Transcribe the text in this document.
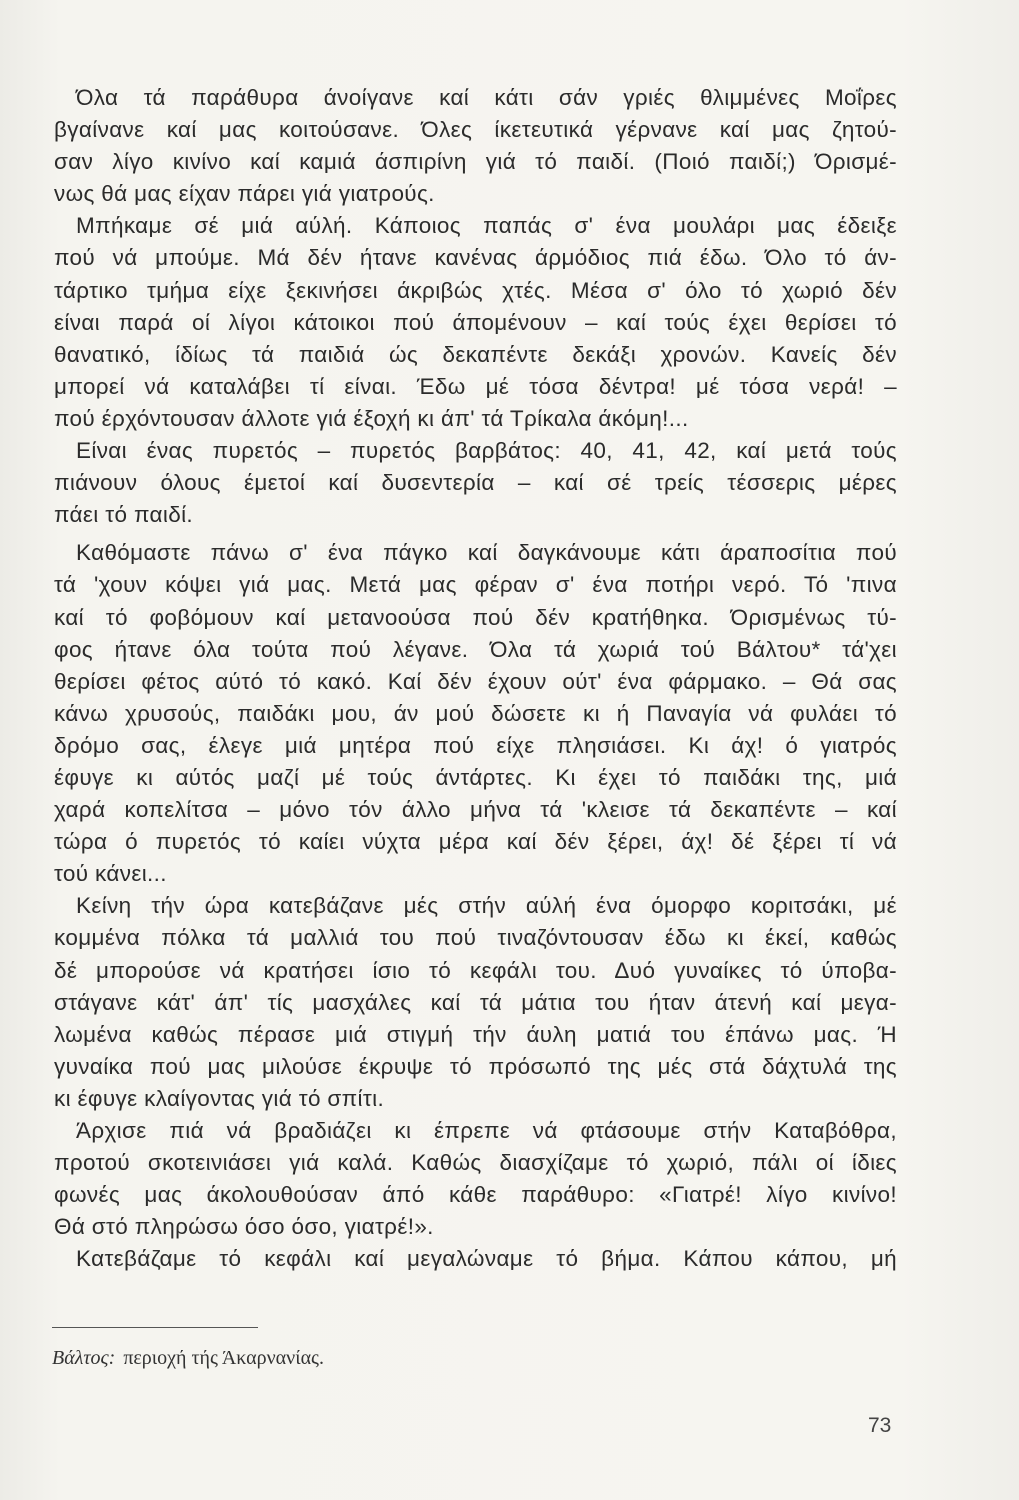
Όλα τά παράθυρα άνοίγανε καί κάτι σάν γριές θλιμμένες Μοΐρες
βγαίνανε καί μας κοιτούσανε. Όλες ίκετευτικά γέρνανε καί μας ζητού-
σαν λίγο κινίνο καί καμιά άσπιρίνη γιά τό παιδί. (Ποιό παιδί;) Όρισμέ-
νως θά μας είχαν πάρει γιά γιατρούς.
Μπήκαμε σέ μιά αύλή. Κάποιος παπάς σ' ένα μουλάρι μας έδειξε
πού νά μπούμε. Μά δέν ήτανε κανένας άρμόδιος πιά έδω. Όλο τό άν-
τάρτικο τμήμα είχε ξεκινήσει άκριβώς χτές. Μέσα σ' όλο τό χωριό δέν
είναι παρά οί λίγοι κάτοικοι πού άπομένουν – καί τούς έχει θερίσει τό
θανατικό, ίδίως τά παιδιά ώς δεκαπέντε δεκάξι χρονών. Κανείς δέν
μπορεί νά καταλάβει τί είναι. Έδω μέ τόσα δέντρα! μέ τόσα νερά! –
πού έρχόντουσαν άλλοτε γιά έξοχή κι άπ' τά Τρίκαλα άκόμη!...
Είναι ένας πυρετός – πυρετός βαρβάτος: 40, 41, 42, καί μετά τούς
πιάνουν όλους έμετοί καί δυσεντερία – καί σέ τρείς τέσσερις μέρες
πάει τό παιδί.
Καθόμαστε πάνω σ' ένα πάγκο καί δαγκάνουμε κάτι άραποσίτια πού
τά 'χουν κόψει γιά μας. Μετά μας φέραν σ' ένα ποτήρι νερό. Τό 'πινα
καί τό φοβόμουν καί μετανοούσα πού δέν κρατήθηκα. Όρισμένως τύ-
φος ήτανε όλα τούτα πού λέγανε. Όλα τά χωριά τού Βάλτου* τά'χει
θερίσει φέτος αύτό τό κακό. Καί δέν έχουν ούτ' ένα φάρμακο. – Θά σας
κάνω χρυσούς, παιδάκι μου, άν μού δώσετε κι ή Παναγία νά φυλάει τό
δρόμο σας, έλεγε μιά μητέρα πού είχε πλησιάσει. Κι άχ! ό γιατρός
έφυγε κι αύτός μαζί μέ τούς άντάρτες. Κι έχει τό παιδάκι της, μιά
χαρά κοπελίτσα – μόνο τόν άλλο μήνα τά 'κλεισε τά δεκαπέντε – καί
τώρα ό πυρετός τό καίει νύχτα μέρα καί δέν ξέρει, άχ! δέ ξέρει τί νά
τού κάνει...
Κείνη τήν ώρα κατεβάζανε μές στήν αύλή ένα όμορφο κοριτσάκι, μέ
κομμένα πόλκα τά μαλλιά του πού τιναζόντουσαν έδω κι έκεί, καθώς
δέ μπορούσε νά κρατήσει ίσιο τό κεφάλι του. Δυό γυναίκες τό ύποβα-
στάγανε κάτ' άπ' τίς μασχάλες καί τά μάτια του ήταν άτενή καί μεγα-
λωμένα καθώς πέρασε μιά στιγμή τήν άυλη ματιά του έπάνω μας. Ή
γυναίκα πού μας μιλούσε έκρυψε τό πρόσωπό της μές στά δάχτυλά της
κι έφυγε κλαίγοντας γιά τό σπίτι.
Άρχισε πιά νά βραδιάζει κι έπρεπε νά φτάσουμε στήν Καταβόθρα,
προτού σκοτεινιάσει γιά καλά. Καθώς διασχίζαμε τό χωριό, πάλι οί ίδιες
φωνές μας άκολουθούσαν άπό κάθε παράθυρο: «Γιατρέ! λίγο κινίνο!
Θά στό πληρώσω όσο όσο, γιατρέ!».
Κατεβάζαμε τό κεφάλι καί μεγαλώναμε τό βήμα. Κάπου κάπου, μή
Βάλτος: περιοχή τής Άκαρνανίας.
73
